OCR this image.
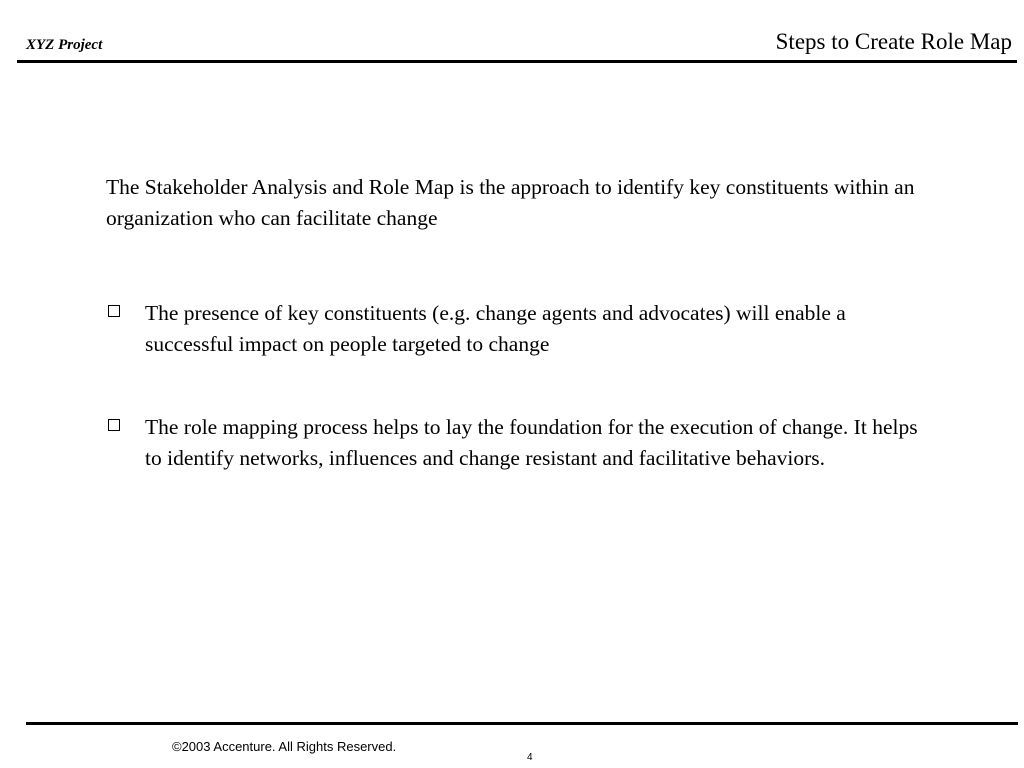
XYZ Project	Steps to Create Role Map

The Stakeholder Analysis and Role Map is the approach to identify key constituents within an organization who can facilitate change

The presence of key constituents (e.g. change agents and advocates) will enable a successful impact on people targeted to change
The role mapping process helps to lay the foundation for the execution of change. It helps to identify networks, influences and change resistant and facilitative behaviors.
©2003 Accenture. All Rights Reserved.
4
